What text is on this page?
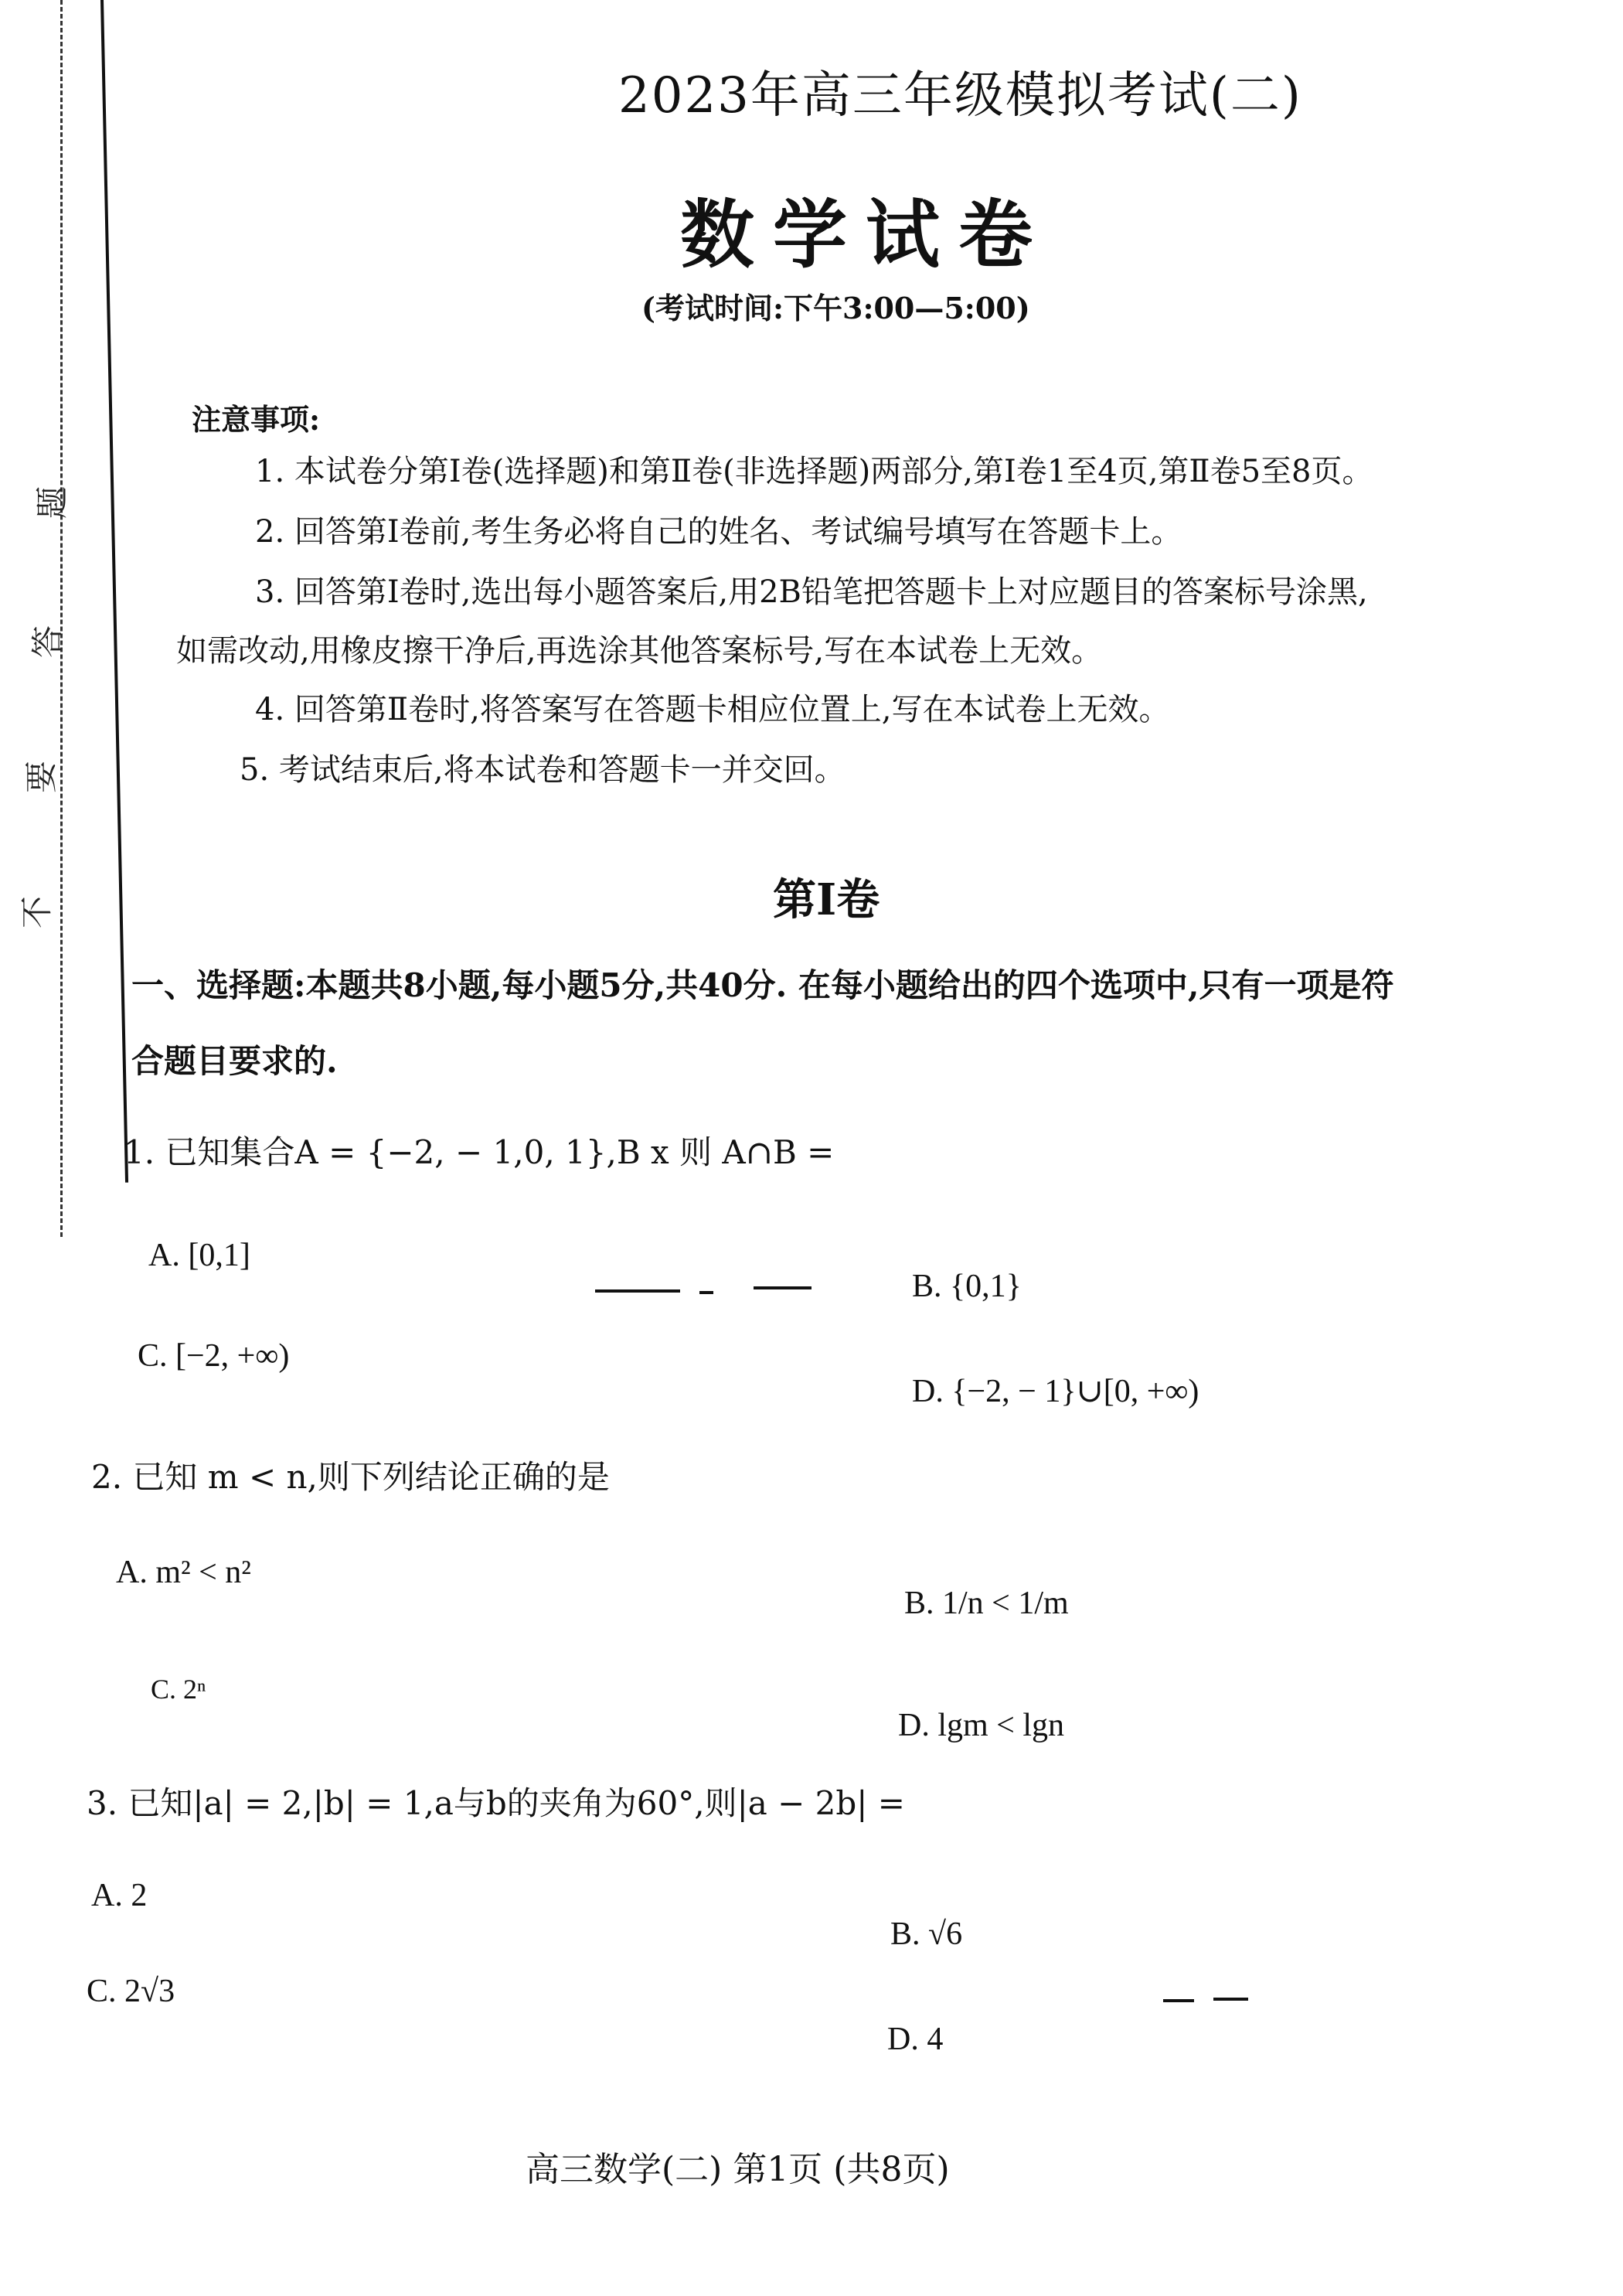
题
答
要
不
2023年高三年级模拟考试(二)
数学试卷
(考试时间:下午3:00—5:00)
注意事项:
1. 本试卷分第Ⅰ卷(选择题)和第Ⅱ卷(非选择题)两部分,第Ⅰ卷1至4页,第Ⅱ卷5至8页。
2. 回答第Ⅰ卷前,考生务必将自己的姓名、考试编号填写在答题卡上。
3. 回答第Ⅰ卷时,选出每小题答案后,用2B铅笔把答题卡上对应题目的答案标号涂黑,
如需改动,用橡皮擦干净后,再选涂其他答案标号,写在本试卷上无效。
4. 回答第Ⅱ卷时,将答案写在答题卡相应位置上,写在本试卷上无效。
5. 考试结束后,将本试卷和答题卡一并交回。
第Ⅰ卷
一、选择题:本题共8小题,每小题5分,共40分. 在每小题给出的四个选项中,只有一项是符
合题目要求的.
1. 已知集合A = {−2, − 1,0, 1},B x 则 A∩B =
A. [0,1]
B. {0,1}
C. [−2, +∞)
D. {−2, − 1}∪[0, +∞)
2. 已知 m < n,则下列结论正确的是
A. m² < n²
B. 1/n < 1/m
C. 2ⁿ
D. lgm < lgn
3. 已知|a| = 2,|b| = 1,a与b的夹角为60°,则|a − 2b| =
A. 2
B. √6
C. 2√3
D. 4
高三数学(二) 第1页 (共8页)
